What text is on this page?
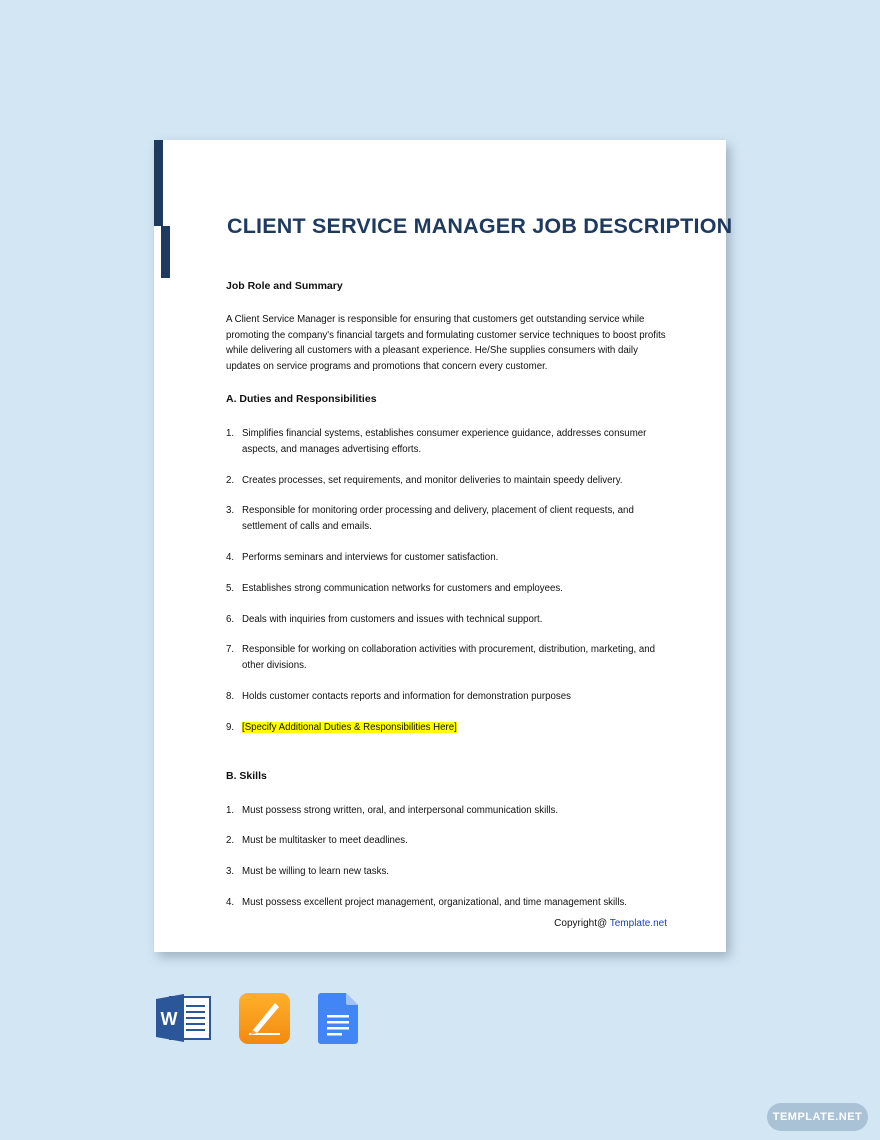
CLIENT SERVICE MANAGER JOB DESCRIPTION
Job Role and Summary
A Client Service Manager is responsible for ensuring that customers get outstanding service while promoting the company's financial targets and formulating customer service techniques to boost profits while delivering all customers with a pleasant experience. He/She supplies consumers with daily updates on service programs and promotions that concern every customer.
A. Duties and Responsibilities
1. Simplifies financial systems, establishes consumer experience guidance, addresses consumer aspects, and manages advertising efforts.
2. Creates processes, set requirements, and monitor deliveries to maintain speedy delivery.
3. Responsible for monitoring order processing and delivery, placement of client requests, and settlement of calls and emails.
4. Performs seminars and interviews for customer satisfaction.
5. Establishes strong communication networks for customers and employees.
6. Deals with inquiries from customers and issues with technical support.
7. Responsible for working on collaboration activities with procurement, distribution, marketing, and other divisions.
8. Holds customer contacts reports and information for demonstration purposes
9. [Specify Additional Duties & Responsibilities Here]
B. Skills
1. Must possess strong written, oral, and interpersonal communication skills.
2. Must be multitasker to meet deadlines.
3. Must be willing to learn new tasks.
4. Must possess excellent project management, organizational, and time management skills.
Copyright@ Template.net
W
TEMPLATE.NET
